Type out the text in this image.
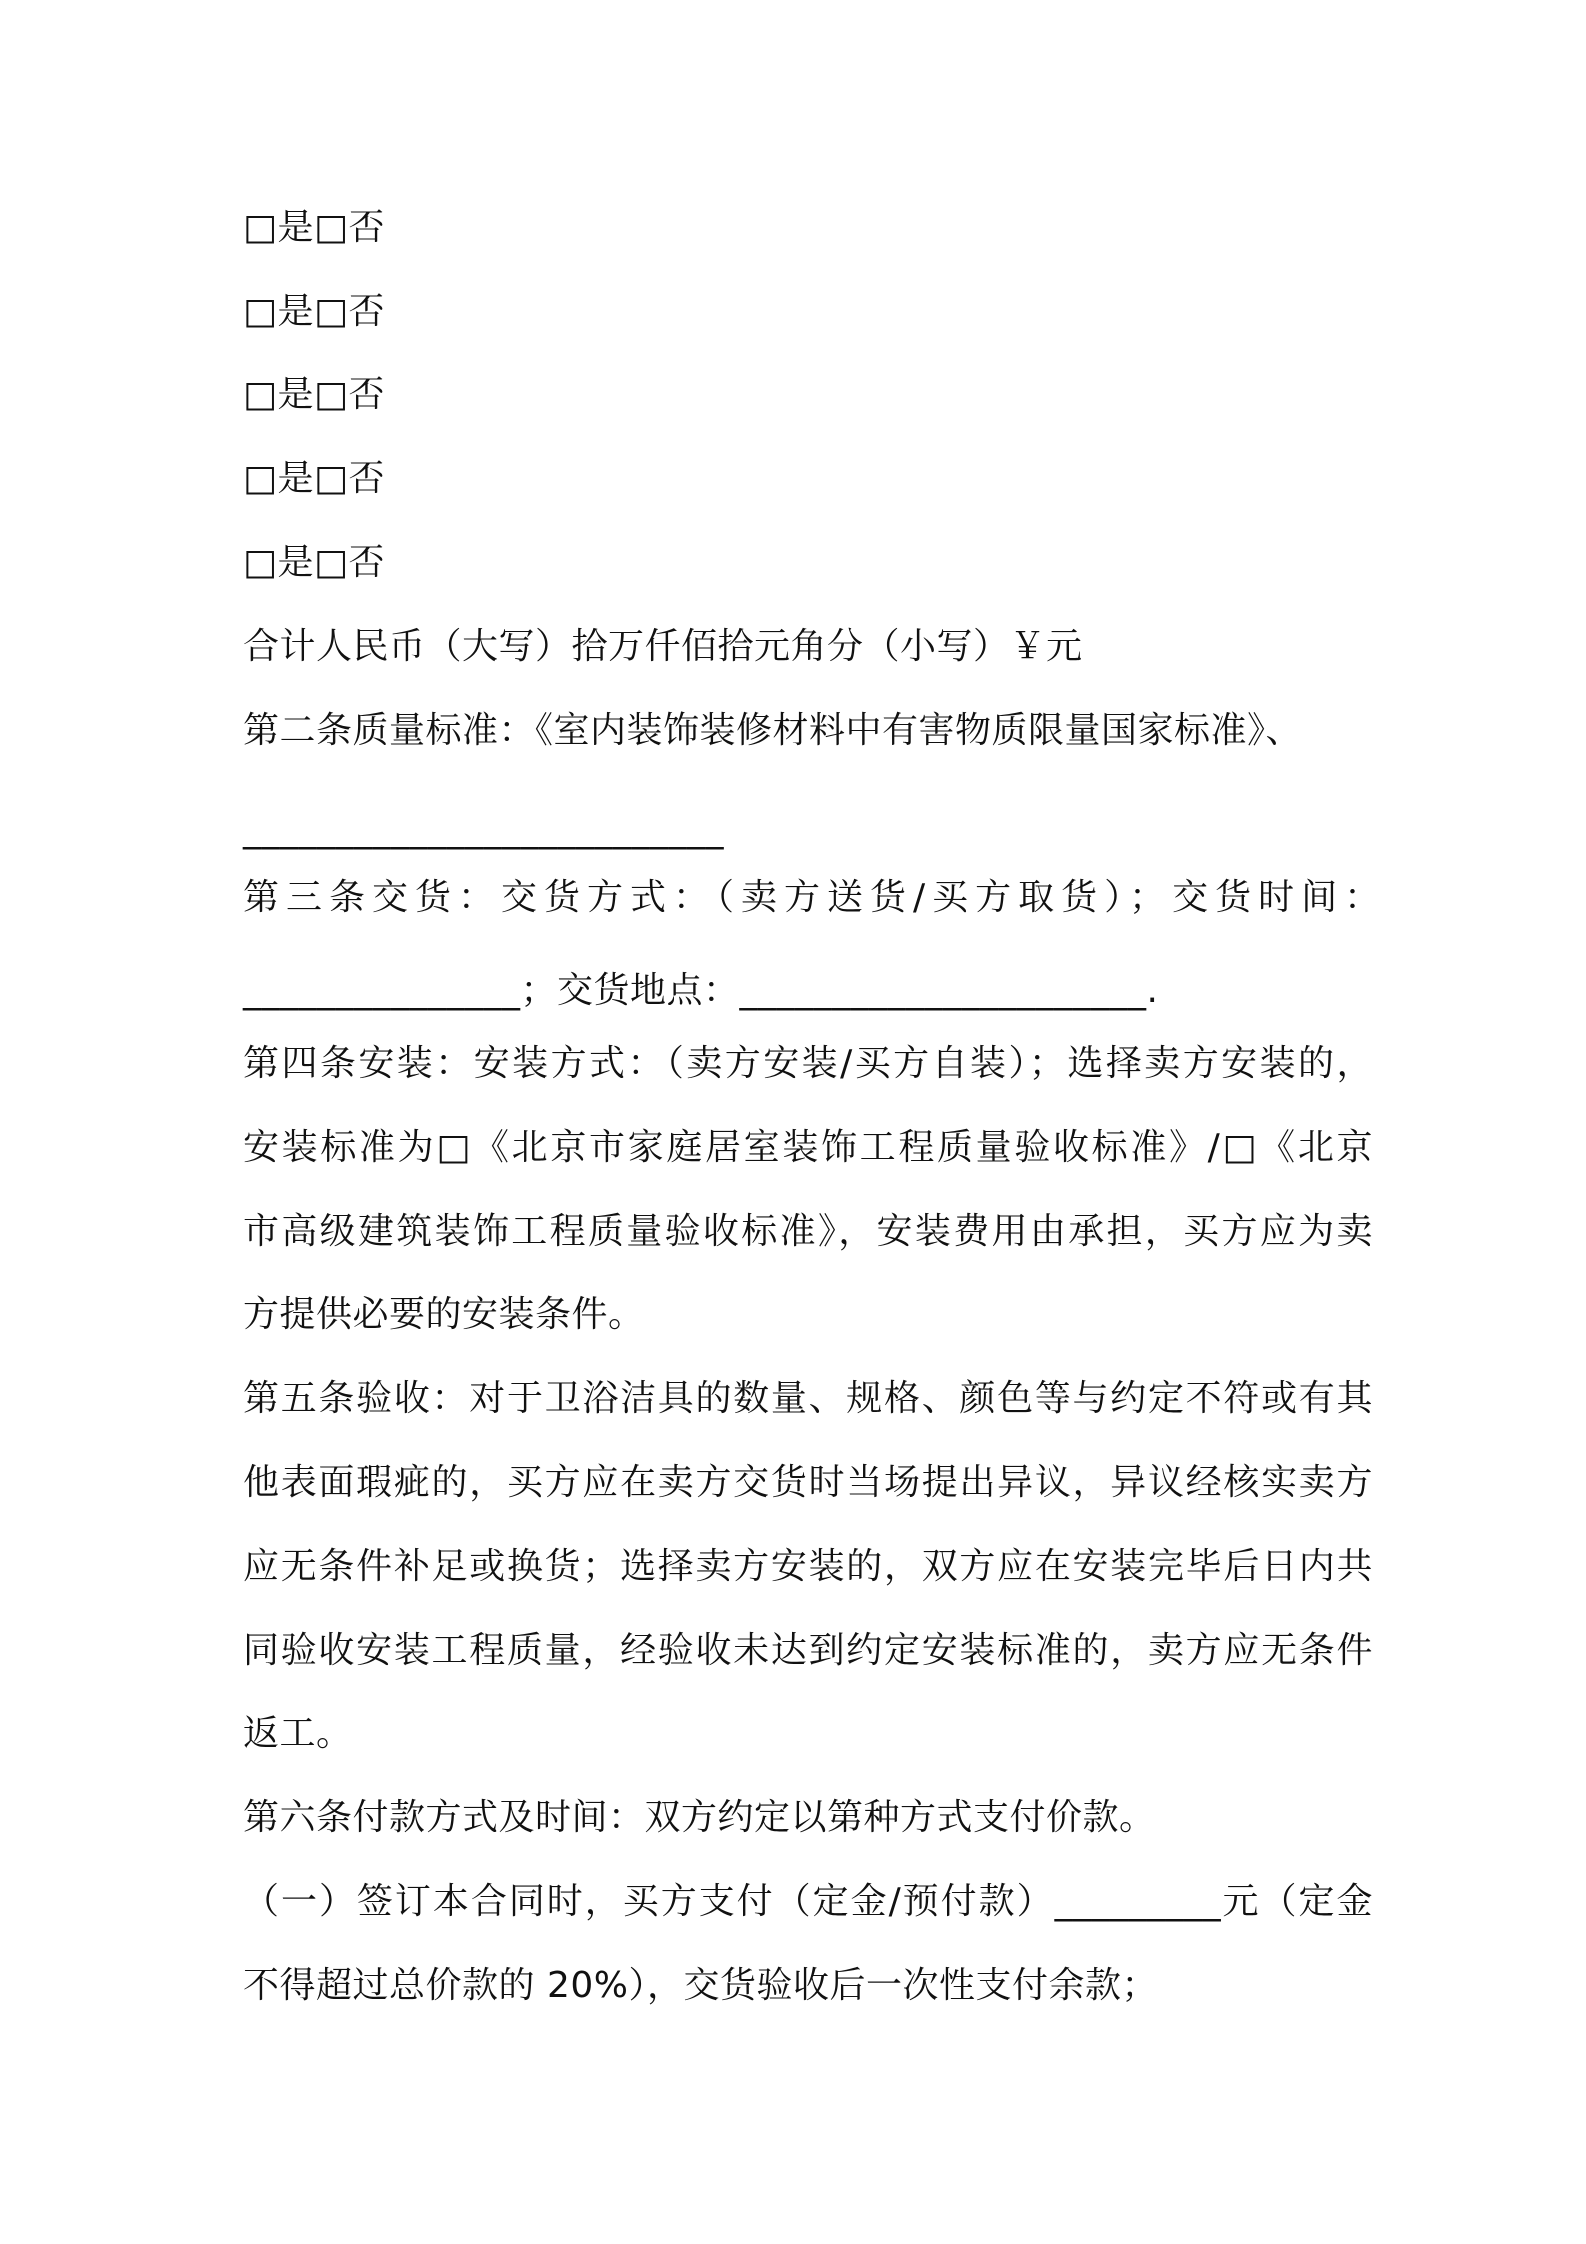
□是□否
□是□否
□是□否
□是□否
□是□否
合计人民币（大写）拾万仟佰拾元角分（小写）￥元
第二条质量标准：《室内装饰装修材料中有害物质限量国家标准》、
__________________________
第三条交货：交货方式：（卖方送货/买方取货）；交货时间：
_______________；交货地点：______________________.
第四条安装：安装方式：（卖方安装/买方自装）；选择卖方安装的，
安装标准为□《北京市家庭居室装饰工程质量验收标准》/□《北京
市高级建筑装饰工程质量验收标准》，安装费用由承担，买方应为卖
方提供必要的安装条件。
第五条验收：对于卫浴洁具的数量、规格、颜色等与约定不符或有其
他表面瑕疵的，买方应在卖方交货时当场提出异议，异议经核实卖方
应无条件补足或换货；选择卖方安装的，双方应在安装完毕后日内共
同验收安装工程质量，经验收未达到约定安装标准的，卖方应无条件
返工。
第六条付款方式及时间：双方约定以第种方式支付价款。
（一）签订本合同时，买方支付（定金/预付款）_________元（定金
不得超过总价款的 20%），交货验收后一次性支付余款；
